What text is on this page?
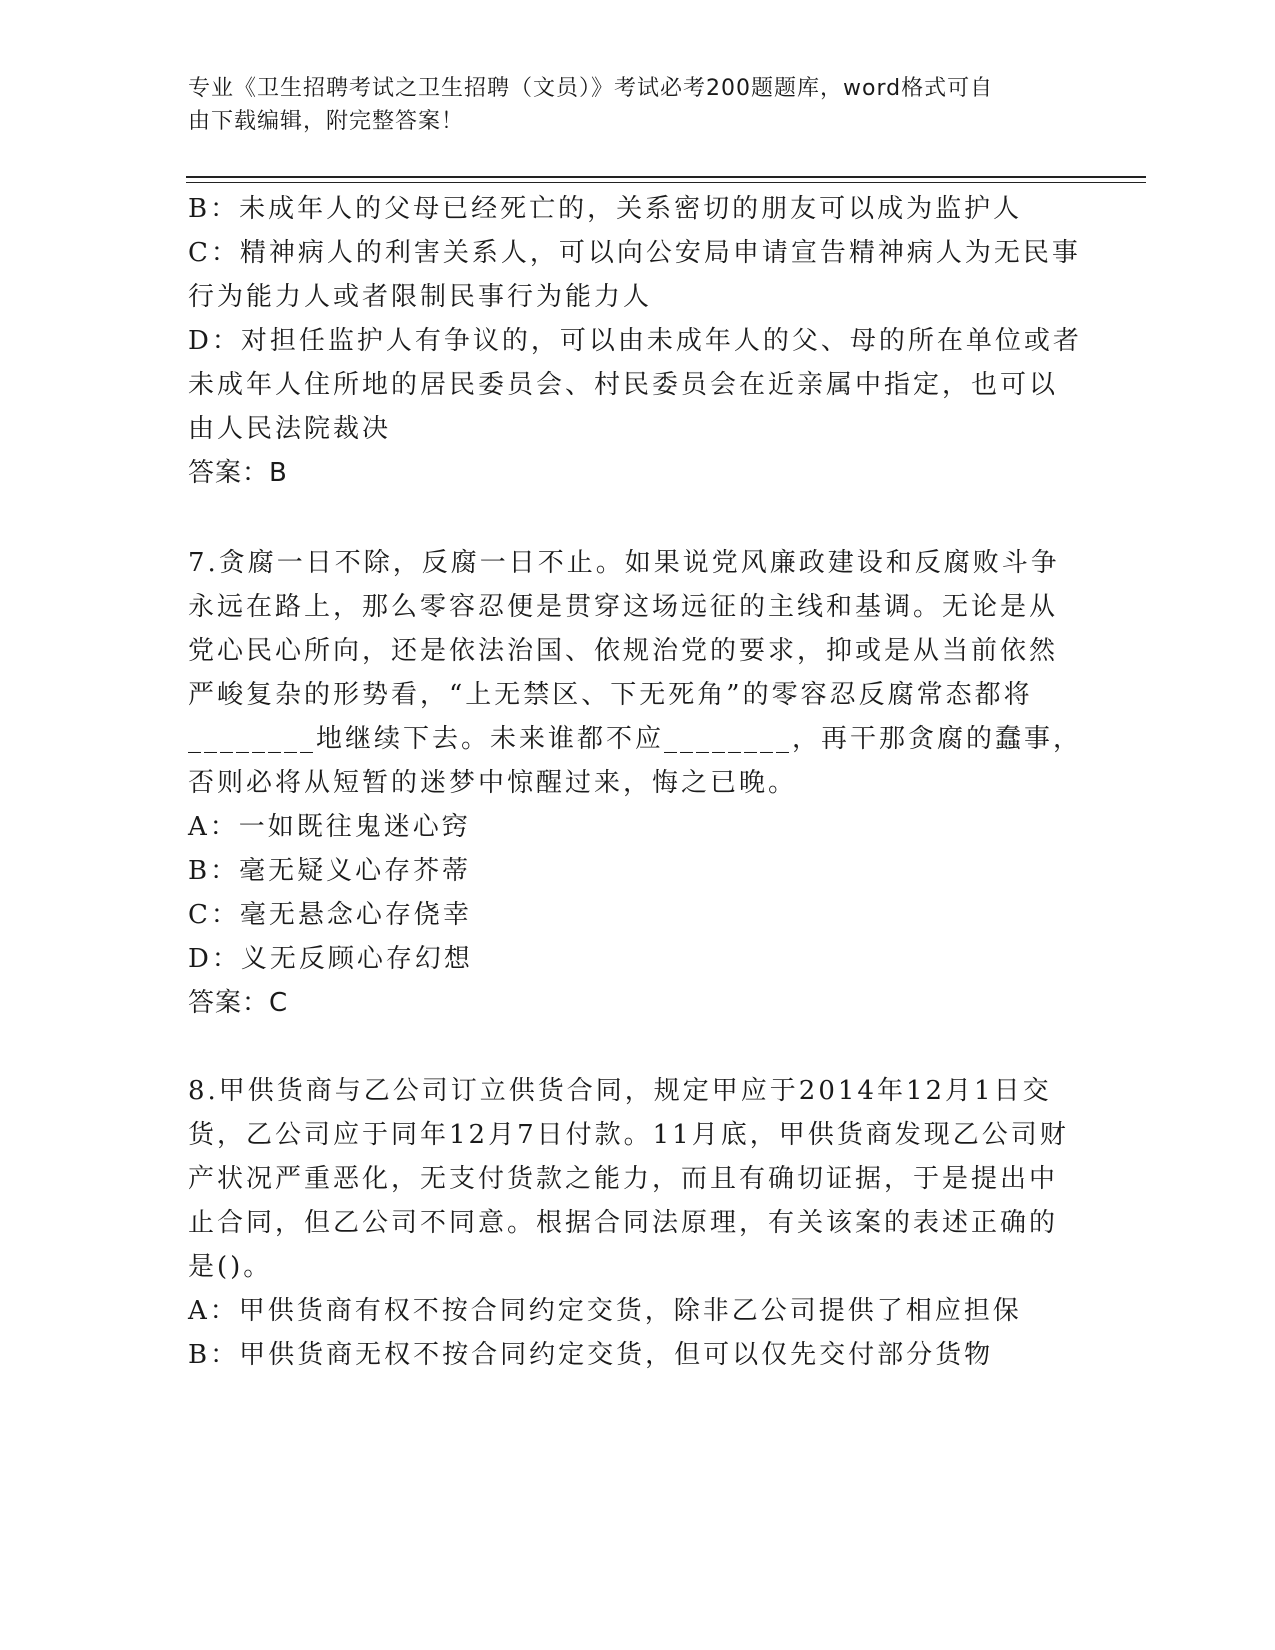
专业《卫生招聘考试之卫生招聘（文员）》考试必考200题题库，word格式可自
由下载编辑，附完整答案！
B：未成年人的父母已经死亡的，关系密切的朋友可以成为监护人
C：精神病人的利害关系人，可以向公安局申请宣告精神病人为无民事
行为能力人或者限制民事行为能力人
D：对担任监护人有争议的，可以由未成年人的父、母的所在单位或者
未成年人住所地的居民委员会、村民委员会在近亲属中指定，也可以
由人民法院裁决
答案：B
7.贪腐一日不除，反腐一日不止。如果说党风廉政建设和反腐败斗争
永远在路上，那么零容忍便是贯穿这场远征的主线和基调。无论是从
党心民心所向，还是依法治国、依规治党的要求，抑或是从当前依然
严峻复杂的形势看，“上无禁区、下无死角”的零容忍反腐常态都将
________地继续下去。未来谁都不应________，再干那贪腐的蠢事，
否则必将从短暂的迷梦中惊醒过来，悔之已晚。
A：一如既往鬼迷心窍
B：毫无疑义心存芥蒂
C：毫无悬念心存侥幸
D：义无反顾心存幻想
答案：C
8.甲供货商与乙公司订立供货合同，规定甲应于2014年12月1日交
货，乙公司应于同年12月7日付款。11月底，甲供货商发现乙公司财
产状况严重恶化，无支付货款之能力，而且有确切证据，于是提出中
止合同，但乙公司不同意。根据合同法原理，有关该案的表述正确的
是()。
A：甲供货商有权不按合同约定交货，除非乙公司提供了相应担保
B：甲供货商无权不按合同约定交货，但可以仅先交付部分货物
